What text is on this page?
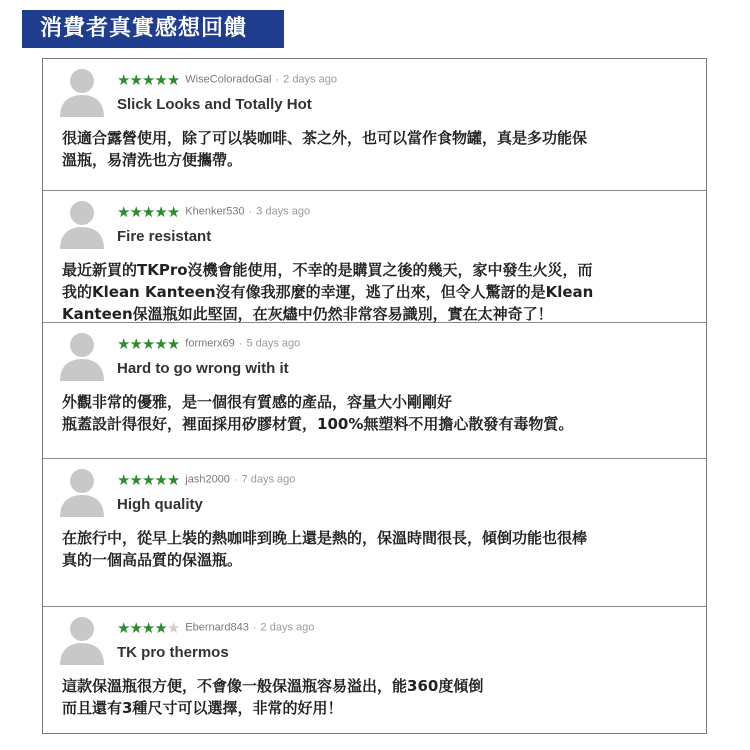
消費者真實感想回饋
★★★★★ WiseColoradoGal · 2 days ago
Slick Looks and Totally Hot
很適合露營使用，除了可以裝咖啡、茶之外，也可以當作食物罐，真是多功能保
溫瓶，易清洗也方便攜帶。
★★★★★ Khenker530 · 3 days ago
Fire resistant
最近新買的TKPro沒機會能使用，不幸的是購買之後的幾天，家中發生火災，而
我的Klean Kanteen沒有像我那麼的幸運，逃了出來，但令人驚訝的是Klean
Kanteen保溫瓶如此堅固，在灰燼中仍然非常容易識別，實在太神奇了！
★★★★★ formerx69 · 5 days ago
Hard to go wrong with it
外觀非常的優雅，是一個很有質感的產品，容量大小剛剛好
瓶蓋設計得很好，裡面採用矽膠材質，100%無塑料不用擔心散發有毒物質。
★★★★★ jash2000 · 7 days ago
High quality
在旅行中，從早上裝的熱咖啡到晚上還是熱的，保溫時間很長，傾倒功能也很棒
真的一個高品質的保溫瓶。
★★★★★ Ebernard843 · 2 days ago
TK pro thermos
這款保溫瓶很方便，不會像一般保溫瓶容易溢出，能360度傾倒
而且還有3種尺寸可以選擇，非常的好用！
